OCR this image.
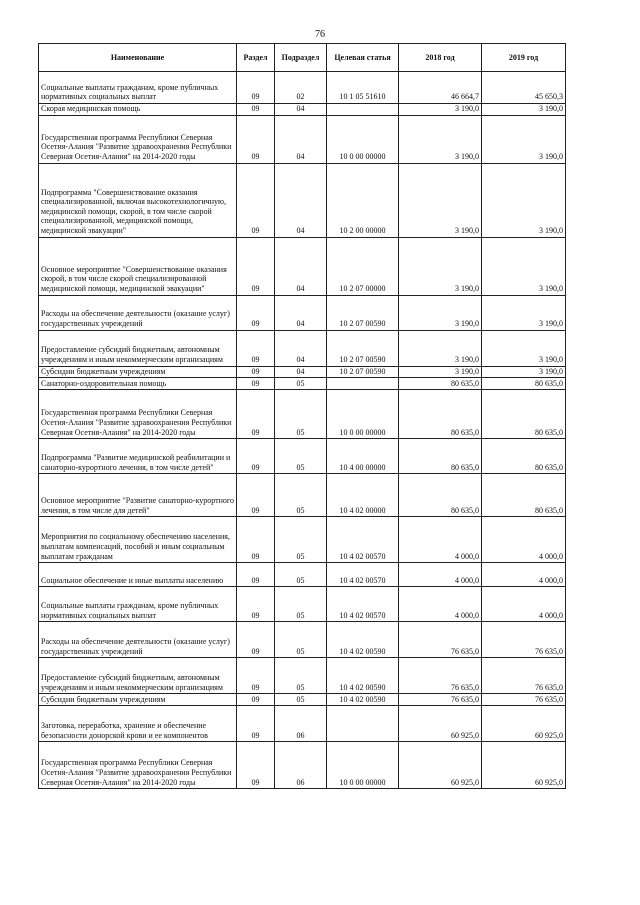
76
Наименование	Раздел	Подраздел	Целевая статья	2018 год	2019 год
Социальные выплаты гражданам, кроме публичных нормативных социальных выплат	09	02	10 1 05 51610	46 664,7	45 650,3
Скорая медицинская помощь	09	04		3 190,0	3 190,0
Государственная программа Республики Северная Осетия-Алания "Развитие здравоохранения Республики Северная Осетия-Алания" на 2014-2020 годы	09	04	10 0 00 00000	3 190,0	3 190,0
Подпрограмма "Совершенствование оказания специализированной, включая высокотехнологичную, медицинской помощи, скорой, в том числе скорой специализированной, медицинской помощи, медицинской эвакуации"	09	04	10 2 00 00000	3 190,0	3 190,0
Основное мероприятие "Совершенствование оказания скорой, в том числе скорой специализированной медицинской помощи, медицинской эвакуации"	09	04	10 2 07 00000	3 190,0	3 190,0
Расходы на обеспечение деятельности (оказание услуг) государственных учреждений	09	04	10 2 07 00590	3 190,0	3 190,0
Предоставление субсидий бюджетным, автономным учреждениям и иным некоммерческим организациям	09	04	10 2 07 00590	3 190,0	3 190,0
Субсидии бюджетным учреждениям	09	04	10 2 07 00590	3 190,0	3 190,0
Санаторно-оздоровительная помощь	09	05		80 635,0	80 635,0
Государственная программа Республики Северная Осетия-Алания "Развитие здравоохранения Республики Северная Осетия-Алания" на 2014-2020 годы	09	05	10 0 00 00000	80 635,0	80 635,0
Подпрограмма "Развитие медицинской реабилитации и санаторно-курортного лечения, в том числе детей"	09	05	10 4 00 00000	80 635,0	80 635,0
Основное мероприятие "Развитие санаторно-курортного лечения, в том числе для детей"	09	05	10 4 02 00000	80 635,0	80 635,0
Мероприятия по социальному обеспечению населения, выплатам компенсаций, пособий и иным социальным выплатам гражданам	09	05	10 4 02 00570	4 000,0	4 000,0
Социальное обеспечение и иные выплаты населению	09	05	10 4 02 00570	4 000,0	4 000,0
Социальные выплаты гражданам, кроме публичных нормативных социальных выплат	09	05	10 4 02 00570	4 000,0	4 000,0
Расходы на обеспечение деятельности (оказание услуг) государственных учреждений	09	05	10 4 02 00590	76 635,0	76 635,0
Предоставление субсидий бюджетным, автономным учреждениям и иным некоммерческим организациям	09	05	10 4 02 00590	76 635,0	76 635,0
Субсидии бюджетным учреждениям	09	05	10 4 02 00590	76 635,0	76 635,0
Заготовка, переработка, хранение и обеспечение безопасности донорской крови и ее компонентов	09	06		60 925,0	60 925,0
Государственная программа Республики Северная Осетия-Алания "Развитие здравоохранения Республики Северная Осетия-Алания" на 2014-2020 годы	09	06	10 0 00 00000	60 925,0	60 925,0
